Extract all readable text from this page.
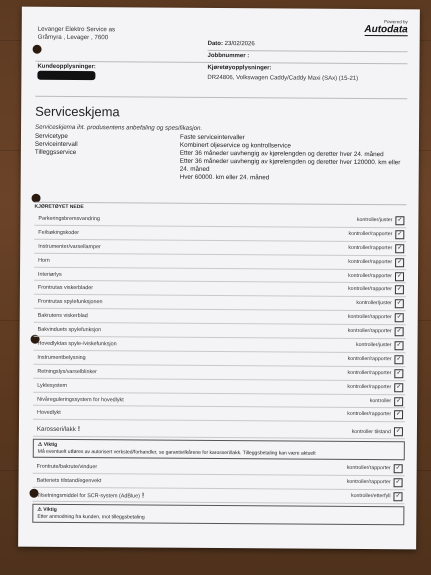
Levanger Elektro Service as
Gråmyra , Levager , 7600
Powered by
Autodata
Dato: 23/02/2026
Jobbnummer :
Kundeopplysninger:	Kjøretøyopplysninger:
DR24806, Volkswagen Caddy/Caddy Maxi (SAx) (15-21)
Serviceskjema
Serviceskjema iht. produsentens anbefaling og spesifikasjon.
Servicetype	Faste serviceintervaller
Serviceintervall	Kombinert oljeservice og kontrollservice
Tilleggsservice	Etter 36 måneder uavhengig av kjørelengden og deretter hver 24. måned
Etter 36 måneder uavhengig av kjørelengden og deretter hver 120000. km eller 24. måned
Hver 60000. km eller 24. måned
KJØRETØYET NEDE
Parkeringsbremsvandring	kontroller/juster ✓
Feilsøkingskoder	kontroller/rapporter ✓
Instrumenter/varsellamper	kontroller/rapporter ✓
Horn	kontroller/rapporter ✓
Interiørlys	kontroller/rapporter ✓
Frontrutas viskerblader	kontroller/rapporter ✓
Frontrutas spylefunksjonen	kontroller/juster ✓
Bakrutens viskerblad	kontroller/rapporter ✓
Bakvinduets spylefunksjon	kontroller/rapporter ✓
Hovedlyktas spyle-/viskefunksjon	kontroller/juster ✓
Instrumentbelysning	kontroller/rapporter ✓
Retningslys/varselblinker	kontroller/rapporter ✓
Lyktesystem	kontroller/rapporter ✓
Nivåreguleringssystem for hovedlykt	kontroller ✓
Hovedlykt	kontroller/rapporter ✓
Karosseri/lakk !	kontroller tilstand ✓
⚠ Viktig
Må eventuelt utføres av autorisert verksted/forhandler, se garantivilkårene for karosseri/lakk. Tilleggsbetaling kan være aktuelt
Frontrute/bakrute/vinduer	kontroller/rapporter ✓
Batteriets tilstand/egenvekt	kontroller/rapporter ✓
Tilsetningsmiddel for SCR-system (AdBlue) !	kontroller/etterfyll ✓
⚠ Viktig
Etter anmodning fra kunden, mot tilleggsbetaling
